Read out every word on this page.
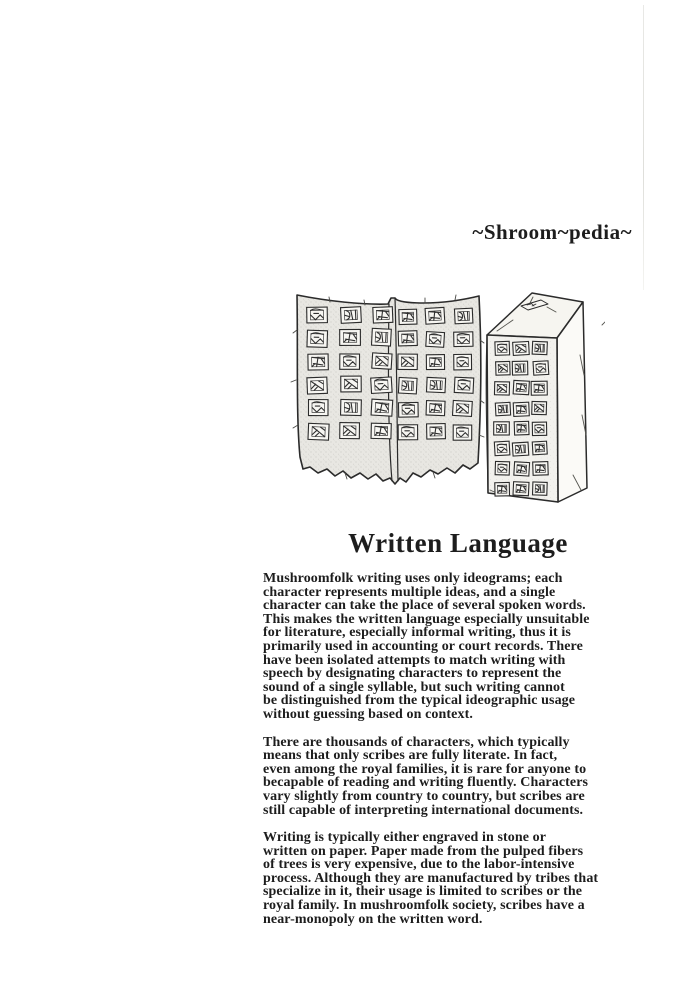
~Shroom~pedia~
Written Language
Mushroomfolk writing uses only ideograms; each
character represents multiple ideas, and a single
character can take the place of several spoken words.
This makes the written language especially unsuitable
for literature, especially informal writing, thus it is
primarily used in accounting or court records. There
have been isolated attempts to match writing with
speech by designating characters to represent the
sound of a single syllable, but such writing cannot
be distinguished from the typical ideographic usage
without guessing based on context.
There are thousands of characters, which typically
means that only scribes are fully literate. In fact,
even among the royal families, it is rare for anyone to
becapable of reading and writing fluently. Characters
vary slightly from country to country, but scribes are
still capable of interpreting international documents.
Writing is typically either engraved in stone or
written on paper. Paper made from the pulped fibers
of trees is very expensive, due to the labor-intensive
process. Although they are manufactured by tribes that
specialize in it, their usage is limited to scribes or the
royal family. In mushroomfolk society, scribes have a
near-monopoly on the written word.
